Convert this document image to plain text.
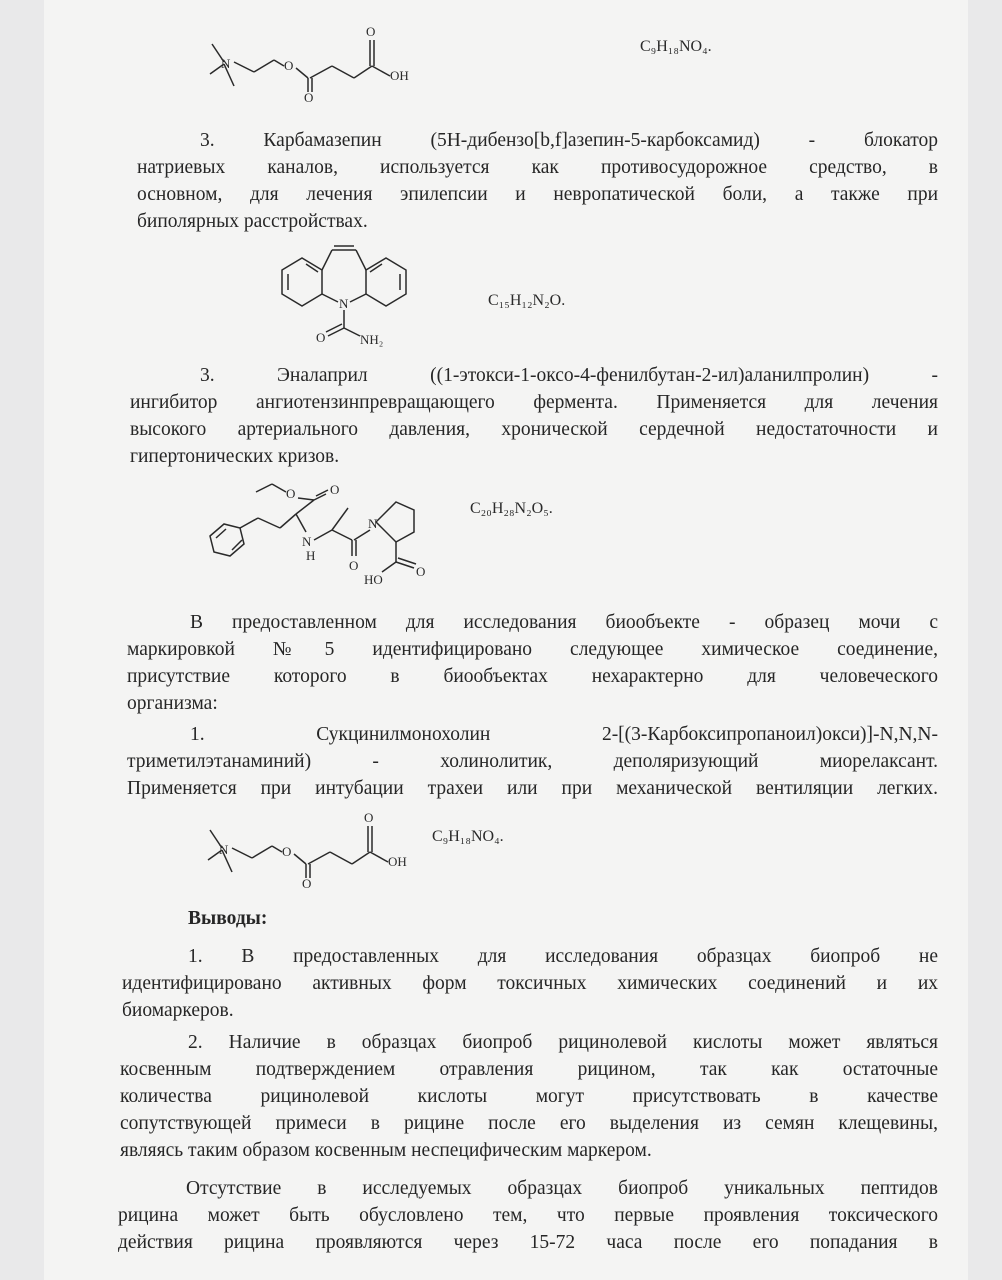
N	O
O
O
OH
C₉H₁₈NO₄.
3. Карбамазепин (5Н-дибензо[b,f]азепин-5-карбоксамид) - блокатор
натриевых каналов, используется как противосудорожное средство, в
основном, для лечения эпилепсии и невропатической боли, а также при
биполярных расстройствах.
N
O	NH₂
C₁₅H₁₂N₂O.
3. Эналаприл ((1-этокси-1-оксо-4-фенилбутан-2-ил)аланилпролин) -
ингибитор ангиотензинпревращающего фермента. Применяется для лечения
высокого артериального давления, хронической сердечной недостаточности и
гипертонических кризов.
O
O
N
H
O
N
HO
O
C₂₀H₂₈N₂O₅.
В предоставленном для исследования биообъекте - образец мочи с
маркировкой №5 идентифицировано следующее химическое соединение,
присутствие которого в биообъектах нехарактерно для человеческого
организма:
1. Сукцинилмонохолин 2-[(3-Карбоксипропаноил)окси)]-N,N,N-
триметилэтанаминий) - холинолитик, деполяризующий миорелаксант.
Применяется при интубации трахеи или при механической вентиляции легких.
N	O
O
O
OH
C₉H₁₈NO₄.
Выводы:
1. В предоставленных для исследования образцах биопроб не
идентифицировано активных форм токсичных химических соединений и их
биомаркеров.
2. Наличие в образцах биопроб рицинолевой кислоты может являться
косвенным подтверждением отравления рицином, так как остаточные
количества рицинолевой кислоты могут присутствовать в качестве
сопутствующей примеси в рицине после его выделения из семян клещевины,
являясь таким образом косвенным неспецифическим маркером.
Отсутствие в исследуемых образцах биопроб уникальных пептидов
рицина может быть обусловлено тем, что первые проявления токсического
действия рицина проявляются через 15-72 часа после его попадания в
